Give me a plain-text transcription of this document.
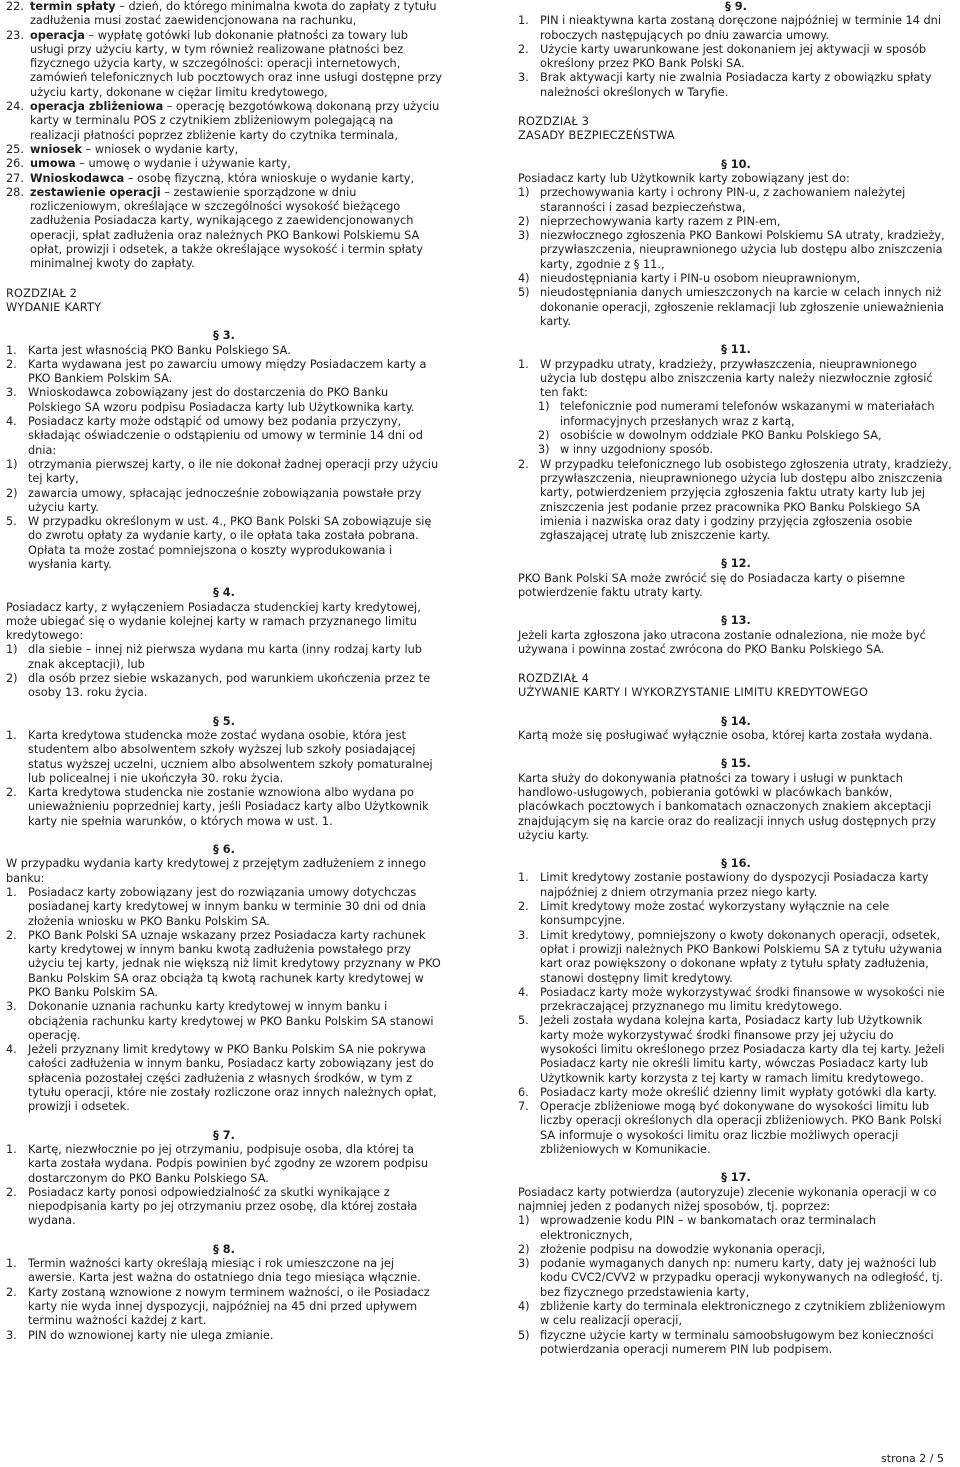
22. termin spłaty – dzień, do którego minimalna kwota do zapłaty z tytułu zadłużenia musi zostać zaewidencjonowana na rachunku,
23. operacja – wypłatę gotówki lub dokonanie płatności za towary lub usługi przy użyciu karty, w tym również realizowane płatności bez fizycznego użycia karty, w szczególności: operacji internetowych, zamówień telefonicznych lub pocztowych oraz inne usługi dostępne przy użyciu karty, dokonane w ciężar limitu kredytowego,
24. operacja zbliżeniowa – operację bezgotówkową dokonaną przy użyciu karty w terminalu POS z czytnikiem zbliżeniowym polegającą na realizacji płatności poprzez zbliżenie karty do czytnika terminala,
25. wniosek – wniosek o wydanie karty,
26. umowa – umowę o wydanie i używanie karty,
27. Wnioskodawca – osobę fizyczną, która wnioskuje o wydanie karty,
28. zestawienie operacji – zestawienie sporządzone w dniu rozliczeniowym, określające w szczególności wysokość bieżącego zadłużenia Posiadacza karty, wynikającego z zaewidencjonowanych operacji, spłat zadłużenia oraz należnych PKO Bankowi Polskiemu SA opłat, prowizji i odsetek, a także określające wysokość i termin spłaty minimalnej kwoty do zapłaty.
ROZDZIAŁ 2
WYDANIE KARTY
§ 3.
1. Karta jest własnością PKO Banku Polskiego SA.
2. Karta wydawana jest po zawarciu umowy między Posiadaczem karty a PKO Bankiem Polskim SA.
3. Wnioskodawca zobowiązany jest do dostarczenia do PKO Banku Polskiego SA wzoru podpisu Posiadacza karty lub Użytkownika karty.
4. Posiadacz karty może odstąpić od umowy bez podania przyczyny, składając oświadczenie o odstąpieniu od umowy w terminie 14 dni od dnia:
1) otrzymania pierwszej karty, o ile nie dokonał żadnej operacji przy użyciu tej karty,
2) zawarcia umowy, spłacając jednocześnie zobowiązania powstałe przy użyciu karty.
5. W przypadku określonym w ust. 4., PKO Bank Polski SA zobowiązuje się do zwrotu opłaty za wydanie karty, o ile opłata taka została pobrana. Opłata ta może zostać pomniejszona o koszty wyprodukowania i wysłania karty.
§ 4.

Posiadacz karty, z wyłączeniem Posiadacza studenckiej karty kredytowej, może ubiegać się o wydanie kolejnej karty w ramach przyznanego limitu kredytowego:

1) dla siebie – innej niż pierwsza wydana mu karta (inny rodzaj karty lub znak akceptacji), lub
2) dla osób przez siebie wskazanych, pod warunkiem ukończenia przez te osoby 13. roku życia.
§ 5.
1. Karta kredytowa studencka może zostać wydana osobie, która jest studentem albo absolwentem szkoły wyższej lub szkoły posiadającej status wyższej uczelni, uczniem albo absolwentem szkoły pomaturalnej lub policealnej i nie ukończyła 30. roku życia.
2. Karta kredytowa studencka nie zostanie wznowiona albo wydana po unieważnieniu poprzedniej karty, jeśli Posiadacz karty albo Użytkownik karty nie spełnia warunków, o których mowa w ust. 1.
§ 6.

W przypadku wydania karty kredytowej z przejętym zadłużeniem z innego banku:

1. Posiadacz karty zobowiązany jest do rozwiązania umowy dotychczas posiadanej karty kredytowej w innym banku w terminie 30 dni od dnia złożenia wniosku w PKO Banku Polskim SA.
2. PKO Bank Polski SA uznaje wskazany przez Posiadacza karty rachunek karty kredytowej w innym banku kwotą zadłużenia powstałego przy użyciu tej karty, jednak nie większą niż limit kredytowy przyznany w PKO Banku Polskim SA oraz obciąża tą kwotą rachunek karty kredytowej w PKO Banku Polskim SA.
3. Dokonanie uznania rachunku karty kredytowej w innym banku i obciążenia rachunku karty kredytowej w PKO Banku Polskim SA stanowi operację.
4. Jeżeli przyznany limit kredytowy w PKO Banku Polskim SA nie pokrywa całości zadłużenia w innym banku, Posiadacz karty zobowiązany jest do spłacenia pozostałej części zadłużenia z własnych środków, w tym z tytułu operacji, które nie zostały rozliczone oraz innych należnych opłat, prowizji i odsetek.
§ 7.
1. Kartę, niezwłocznie po jej otrzymaniu, podpisuje osoba, dla której ta karta została wydana. Podpis powinien być zgodny ze wzorem podpisu dostarczonym do PKO Banku Polskiego SA.
2. Posiadacz karty ponosi odpowiedzialność za skutki wynikające z niepodpisania karty po jej otrzymaniu przez osobę, dla której została wydana.
§ 8.
1. Termin ważności karty określają miesiąc i rok umieszczone na jej awersie. Karta jest ważna do ostatniego dnia tego miesiąca włącznie.
2. Karty zostaną wznowione z nowym terminem ważności, o ile Posiadacz karty nie wyda innej dyspozycji, najpóźniej na 45 dni przed upływem terminu ważności każdej z kart.
3. PIN do wznowionej karty nie ulega zmianie.
§ 9.
1. PIN i nieaktywna karta zostaną doręczone najpóźniej w terminie 14 dni roboczych następujących po dniu zawarcia umowy.
2. Użycie karty uwarunkowane jest dokonaniem jej aktywacji w sposób określony przez PKO Bank Polski SA.
3. Brak aktywacji karty nie zwalnia Posiadacza karty z obowiązku spłaty należności określonych w Taryfie.
ROZDZIAŁ 3
ZASADY BEZPIECZEŃSTWA
§ 10.

Posiadacz karty lub Użytkownik karty zobowiązany jest do:

1) przechowywania karty i ochrony PIN-u, z zachowaniem należytej staranności i zasad bezpieczeństwa,
2) nieprzechowywania karty razem z PIN-em,
3) niezwłocznego zgłoszenia PKO Bankowi Polskiemu SA utraty, kradzieży, przywłaszczenia, nieuprawnionego użycia lub dostępu albo zniszczenia karty, zgodnie z § 11.,
4) nieudostępniania karty i PIN-u osobom nieuprawnionym,
5) nieudostępniania danych umieszczonych na karcie w celach innych niż dokonanie operacji, zgłoszenie reklamacji lub zgłoszenie unieważnienia karty.
§ 11.
1. W przypadku utraty, kradzieży, przywłaszczenia, nieuprawnionego użycia lub dostępu albo zniszczenia karty należy niezwłocznie zgłosić ten fakt:
1) telefonicznie pod numerami telefonów wskazanymi w materiałach informacyjnych przesłanych wraz z kartą,
2) osobiście w dowolnym oddziale PKO Banku Polskiego SA,
3) w inny uzgodniony sposób.
2. W przypadku telefonicznego lub osobistego zgłoszenia utraty, kradzieży, przywłaszczenia, nieuprawnionego użycia lub dostępu albo zniszczenia karty, potwierdzeniem przyjęcia zgłoszenia faktu utraty karty lub jej zniszczenia jest podanie przez pracownika PKO Banku Polskiego SA imienia i nazwiska oraz daty i godziny przyjęcia zgłoszenia osobie zgłaszającej utratę lub zniszczenie karty.
§ 12.

PKO Bank Polski SA może zwrócić się do Posiadacza karty o pisemne potwierdzenie faktu utraty karty.

§ 13.

Jeżeli karta zgłoszona jako utracona zostanie odnaleziona, nie może być używana i powinna zostać zwrócona do PKO Banku Polskiego SA.

ROZDZIAŁ 4
UŻYWANIE KARTY I WYKORZYSTANIE LIMITU KREDYTOWEGO
§ 14.

Kartą może się posługiwać wyłącznie osoba, której karta została wydana.

§ 15.

Karta służy do dokonywania płatności za towary i usługi w punktach handlowo-usługowych, pobierania gotówki w placówkach banków, placówkach pocztowych i bankomatach oznaczonych znakiem akceptacji znajdującym się na karcie oraz do realizacji innych usług dostępnych przy użyciu karty.

§ 16.
1. Limit kredytowy zostanie postawiony do dyspozycji Posiadacza karty najpóźniej z dniem otrzymania przez niego karty.
2. Limit kredytowy może zostać wykorzystany wyłącznie na cele konsumpcyjne.
3. Limit kredytowy, pomniejszony o kwoty dokonanych operacji, odsetek, opłat i prowizji należnych PKO Bankowi Polskiemu SA z tytułu używania kart oraz powiększony o dokonane wpłaty z tytułu spłaty zadłużenia, stanowi dostępny limit kredytowy.
4. Posiadacz karty może wykorzystywać środki finansowe w wysokości nie przekraczającej przyznanego mu limitu kredytowego.
5. Jeżeli została wydana kolejna karta, Posiadacz karty lub Użytkownik karty może wykorzystywać środki finansowe przy jej użyciu do wysokości limitu określonego przez Posiadacza karty dla tej karty. Jeżeli Posiadacz karty nie określi limitu karty, wówczas Posiadacz karty lub Użytkownik karty korzysta z tej karty w ramach limitu kredytowego.
6. Posiadacz karty może określić dzienny limit wypłaty gotówki dla karty.
7. Operacje zbliżeniowe mogą być dokonywane do wysokości limitu lub liczby operacji określonych dla operacji zbliżeniowych. PKO Bank Polski SA informuje o wysokości limitu oraz liczbie możliwych operacji zbliżeniowych w Komunikacie.
§ 17.

Posiadacz karty potwierdza (autoryzuje) zlecenie wykonania operacji w co najmniej jeden z podanych niżej sposobów, tj. poprzez:

1) wprowadzenie kodu PIN – w bankomatach oraz terminalach elektronicznych,
2) złożenie podpisu na dowodzie wykonania operacji,
3) podanie wymaganych danych np: numeru karty, daty jej ważności lub kodu CVC2/CVV2 w przypadku operacji wykonywanych na odległość, tj. bez fizycznego przedstawienia karty,
4) zbliżenie karty do terminala elektronicznego z czytnikiem zbliżeniowym w celu realizacji operacji,
5) fizyczne użycie karty w terminalu samoobsługowym bez konieczności potwierdzania operacji numerem PIN lub podpisem.
strona 2 / 5
